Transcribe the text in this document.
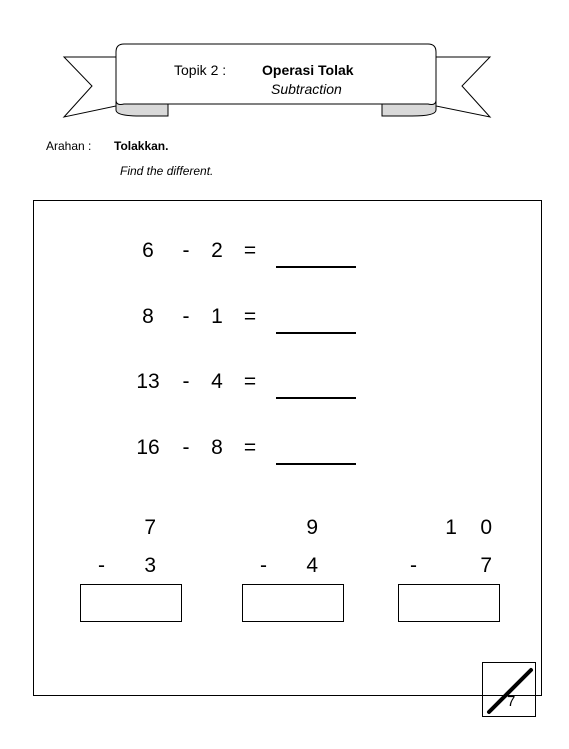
Topik 2 :	Operasi Tolak
Subtraction
Arahan : Tolakkan.
Find the different.
6	-	2	=
8	-	1	=
13	-	4	=
16	-	8	=
7
- 3
9
- 4
1    0
-	7
7
